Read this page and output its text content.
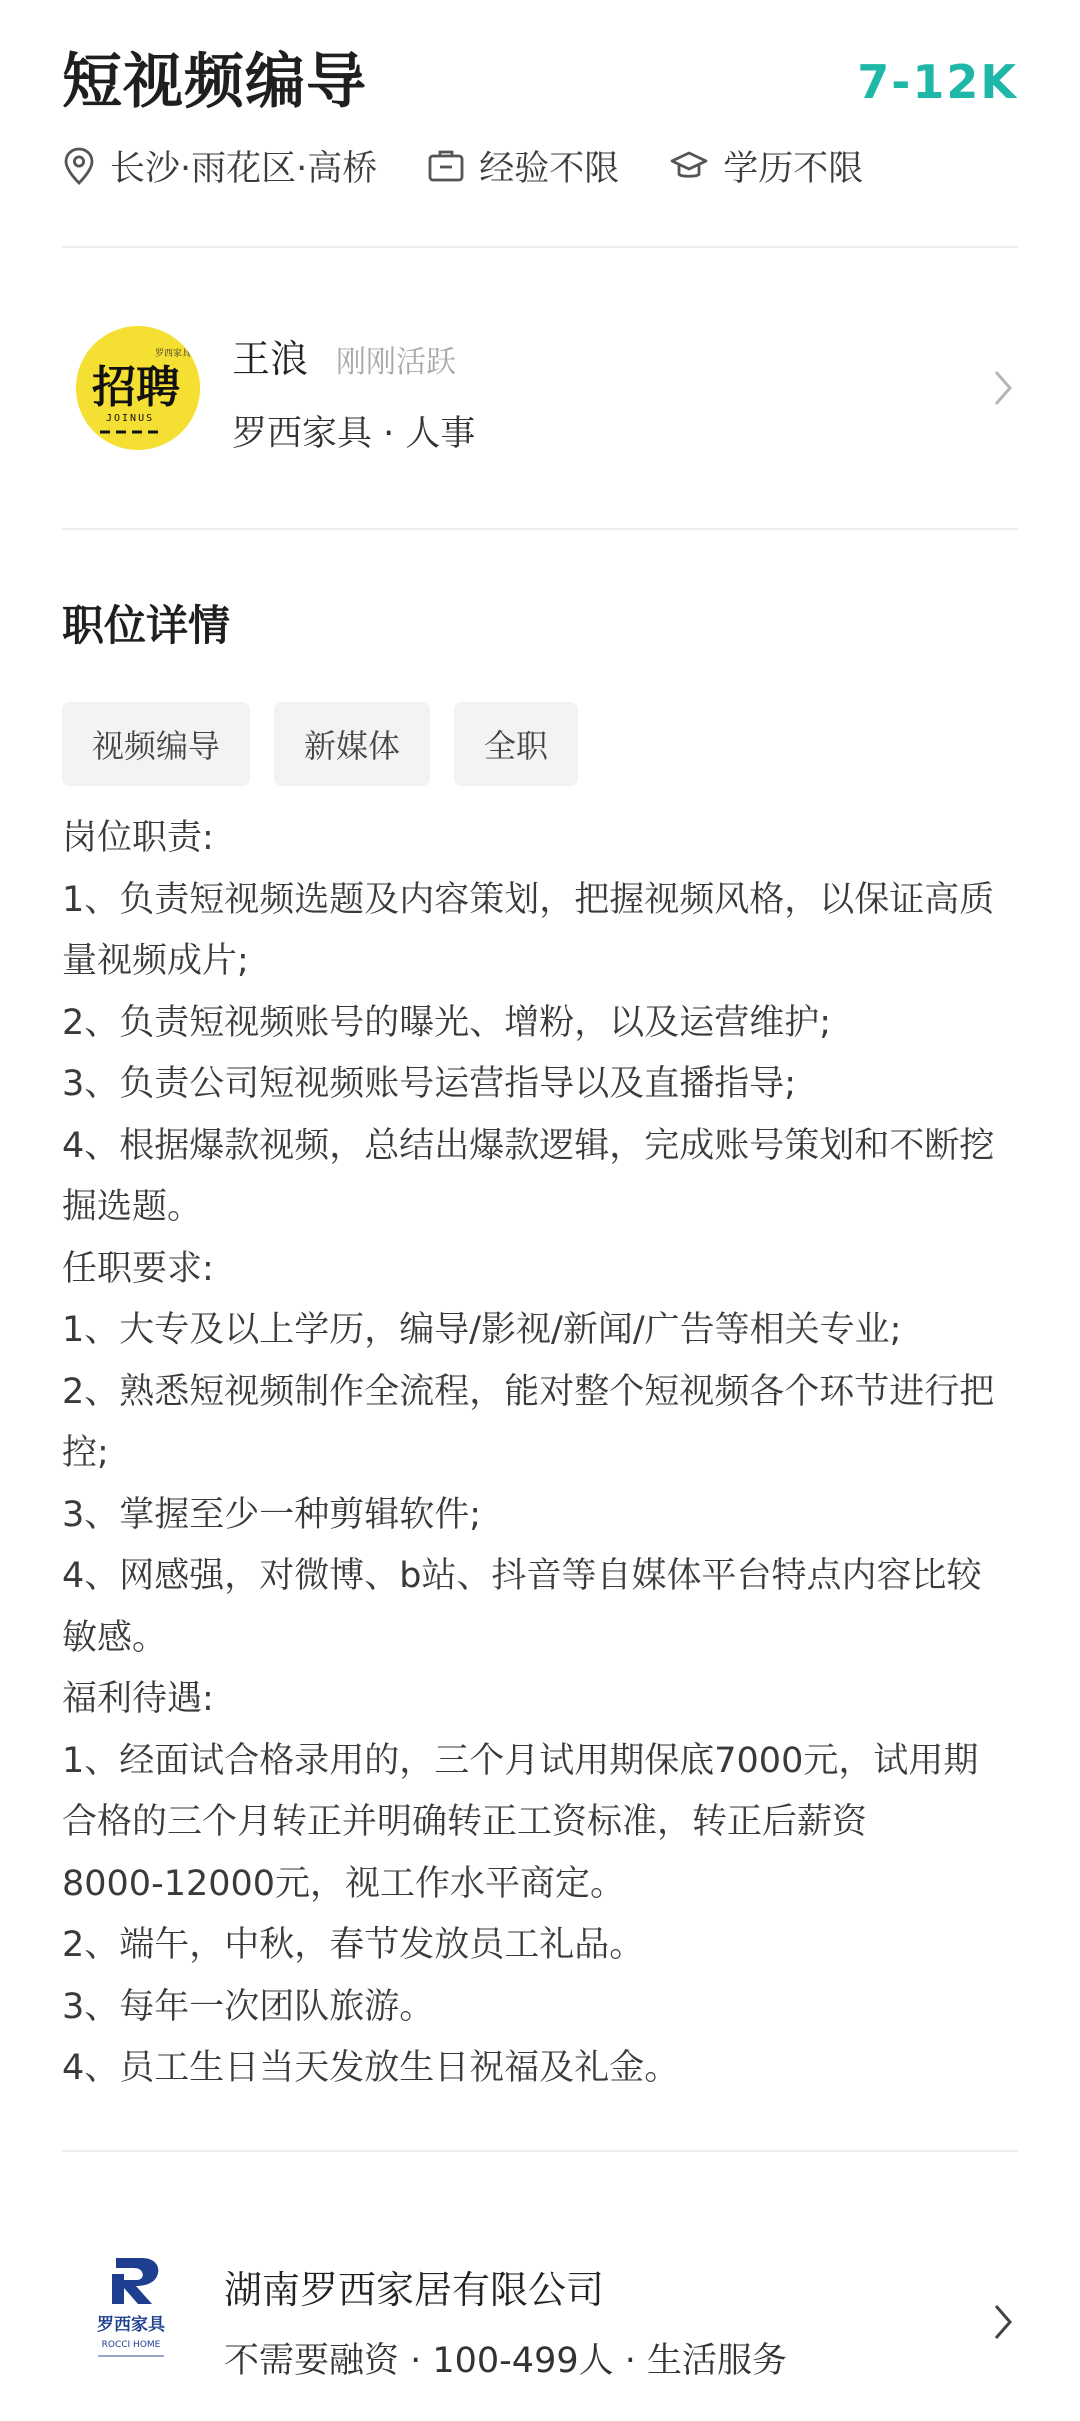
短视频编导	7-12K
长沙·雨花区·高桥	经验不限	学历不限
罗西家具
招聘
JOINUS
王浪 刚刚活跃
罗西家具 · 人事
职位详情
视频编导	新媒体	全职
岗位职责:
1、负责短视频选题及内容策划，把握视频风格，以保证高质
量视频成片;
2、负责短视频账号的曝光、增粉，以及运营维护;
3、负责公司短视频账号运营指导以及直播指导;
4、根据爆款视频，总结出爆款逻辑，完成账号策划和不断挖
掘选题。
任职要求:
1、大专及以上学历，编导/影视/新闻/广告等相关专业;
2、熟悉短视频制作全流程，能对整个短视频各个环节进行把
控;
3、掌握至少一种剪辑软件;
4、网感强，对微博、b站、抖音等自媒体平台特点内容比较
敏感。
福利待遇:
1、经面试合格录用的，三个月试用期保底7000元，试用期
合格的三个月转正并明确转正工资标准，转正后薪资
8000-12000元，视工作水平商定。
2、端午，中秋，春节发放员工礼品。
3、每年一次团队旅游。
4、员工生日当天发放生日祝福及礼金。
罗西家具
ROCCI HOME
湖南罗西家居有限公司
不需要融资 · 100-499人 · 生活服务
